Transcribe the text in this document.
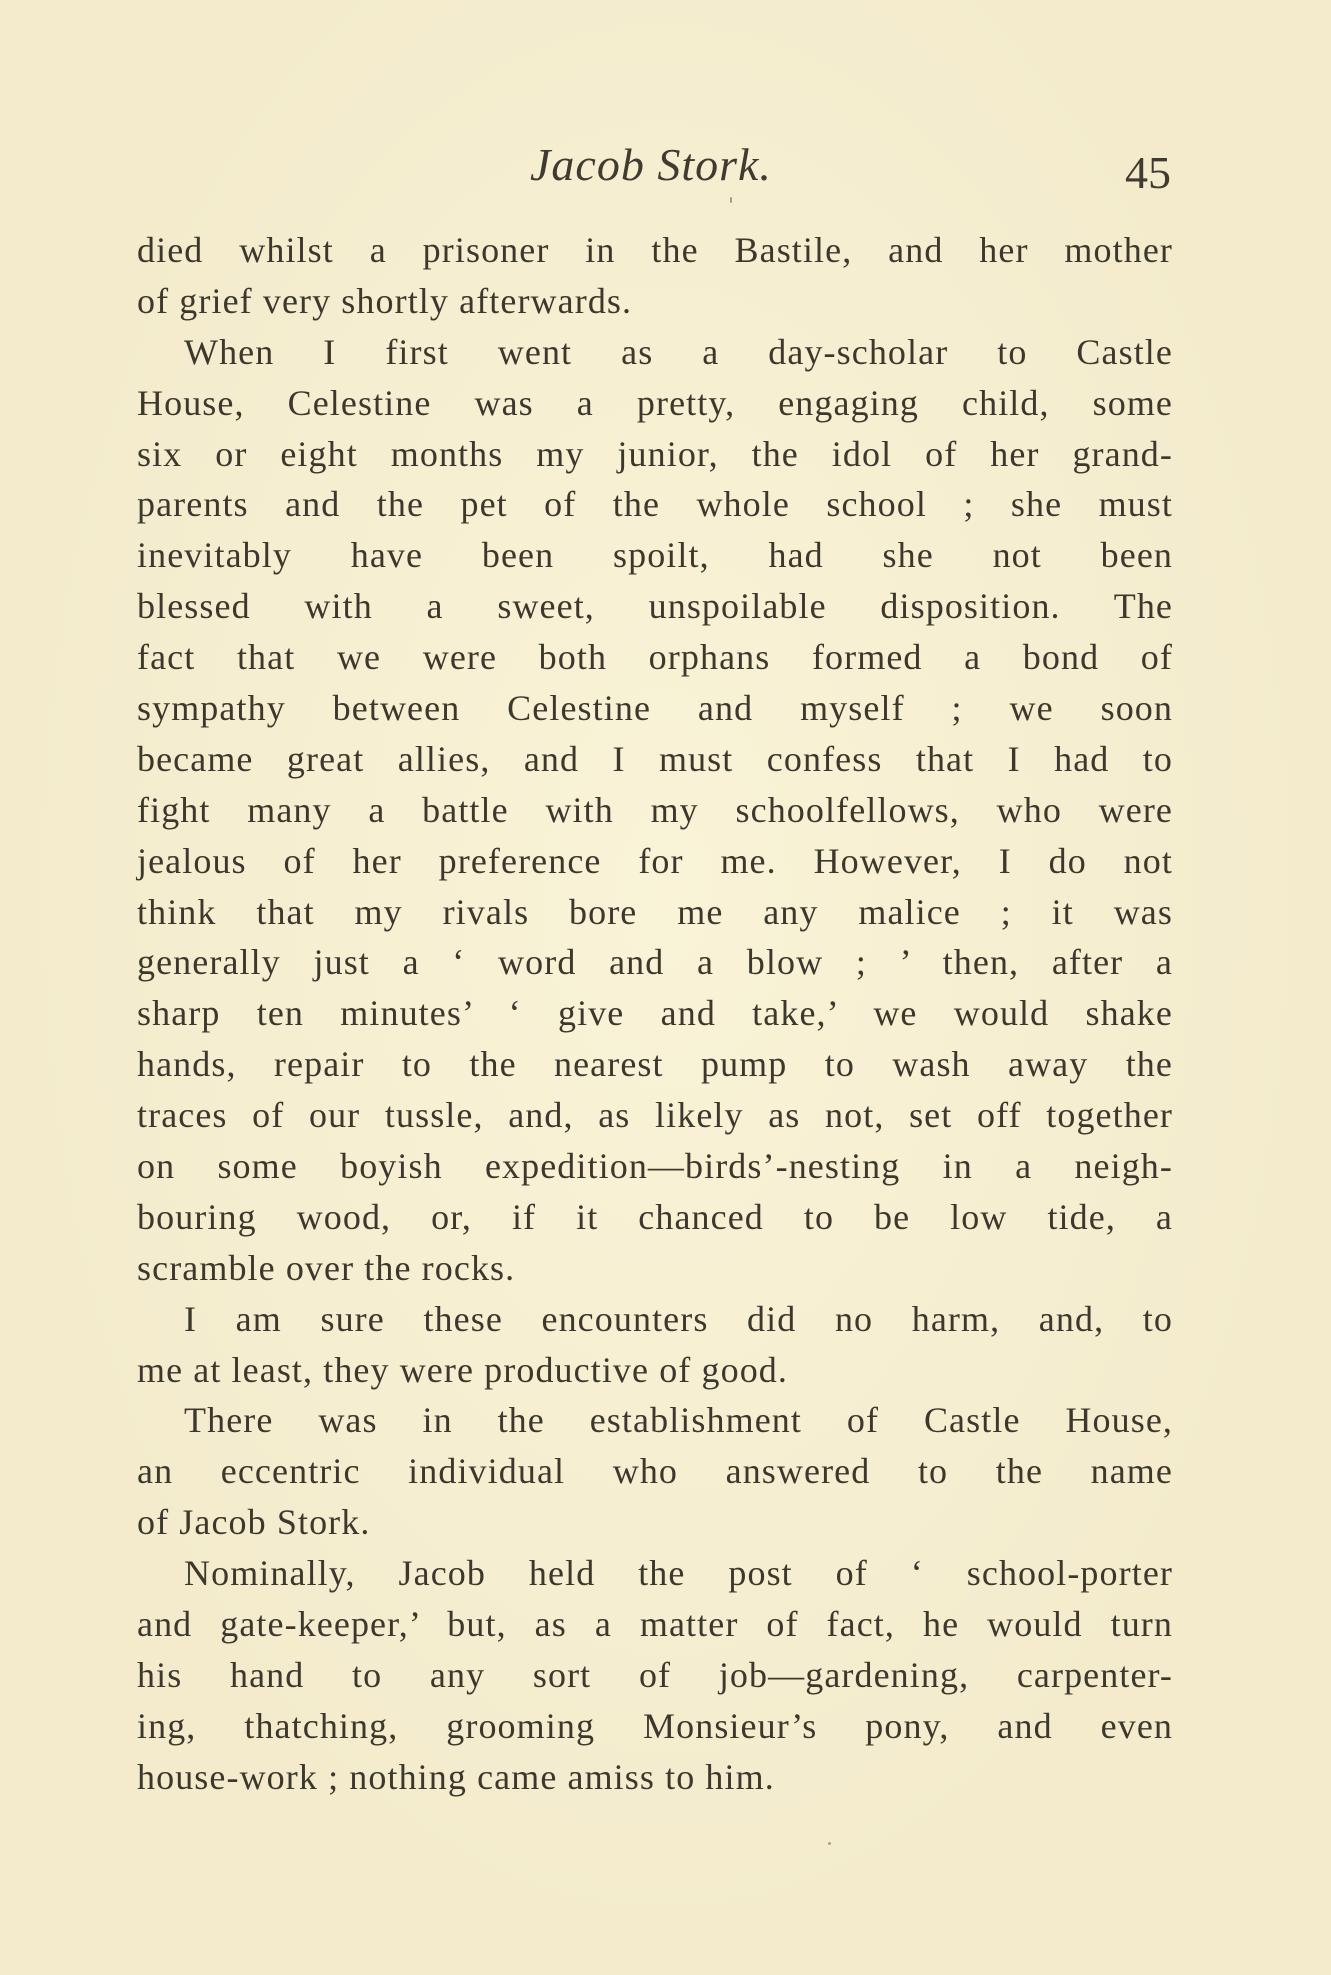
Jacob Stork.	45
died whilst a prisoner in the Bastile, and her mother
of grief very shortly afterwards.
When I first went as a day-scholar to Castle
House, Celestine was a pretty, engaging child, some
six or eight months my junior, the idol of her grand-
parents and the pet of the whole school ; she must
inevitably have been spoilt, had she not been
blessed with a sweet, unspoilable disposition. The
fact that we were both orphans formed a bond of
sympathy between Celestine and myself ; we soon
became great allies, and I must confess that I had to
fight many a battle with my schoolfellows, who were
jealous of her preference for me. However, I do not
think that my rivals bore me any malice ; it was
generally just a ‘ word and a blow ; ’ then, after a
sharp ten minutes’ ‘ give and take,’ we would shake
hands, repair to the nearest pump to wash away the
traces of our tussle, and, as likely as not, set off together
on some boyish expedition—birds’-nesting in a neigh-
bouring wood, or, if it chanced to be low tide, a
scramble over the rocks.
I am sure these encounters did no harm, and, to
me at least, they were productive of good.
There was in the establishment of Castle House,
an eccentric individual who answered to the name
of Jacob Stork.
Nominally, Jacob held the post of ‘ school-porter
and gate-keeper,’ but, as a matter of fact, he would turn
his hand to any sort of job—gardening, carpenter-
ing, thatching, grooming Monsieur’s pony, and even
house-work ; nothing came amiss to him.
